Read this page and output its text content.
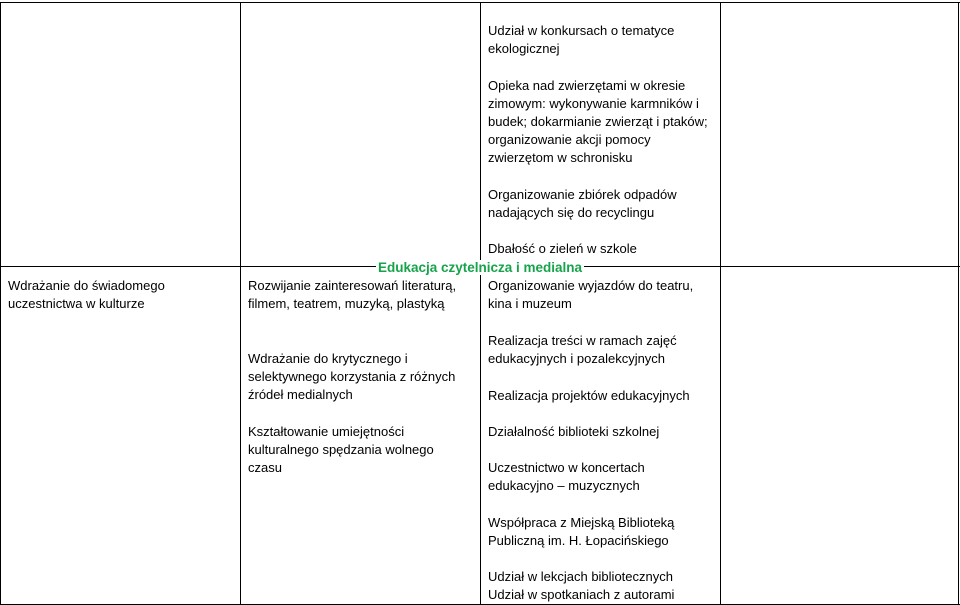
Edukacja czytelnicza i medialna

Udział w konkursach o tematyce ekologicznej

Opieka nad zwierzętami w okresie zimowym: wykonywanie karmników i budek; dokarmianie zwierząt i ptaków; organizowanie akcji pomocy zwierzętom w schronisku

Organizowanie zbiórek odpadów nadających się do recyclingu

Dbałość o zieleń w szkole

Wdrażanie do świadomego uczestnictwa w kulturze

Rozwijanie zainteresowań literaturą, filmem, teatrem, muzyką, plastyką

Wdrażanie do krytycznego i selektywnego korzystania z różnych źródeł medialnych

Kształtowanie umiejętności kulturalnego spędzania wolnego czasu

Organizowanie wyjazdów do teatru, kina i muzeum

Realizacja treści w ramach zajęć edukacyjnych i pozalekcyjnych

Realizacja projektów edukacyjnych

Działalność biblioteki szkolnej

Uczestnictwo w koncertach edukacyjno – muzycznych

Współpraca z Miejską Biblioteką Publiczną im. H. Łopacińskiego

Udział w lekcjach bibliotecznych

Udział w spotkaniach z autorami
